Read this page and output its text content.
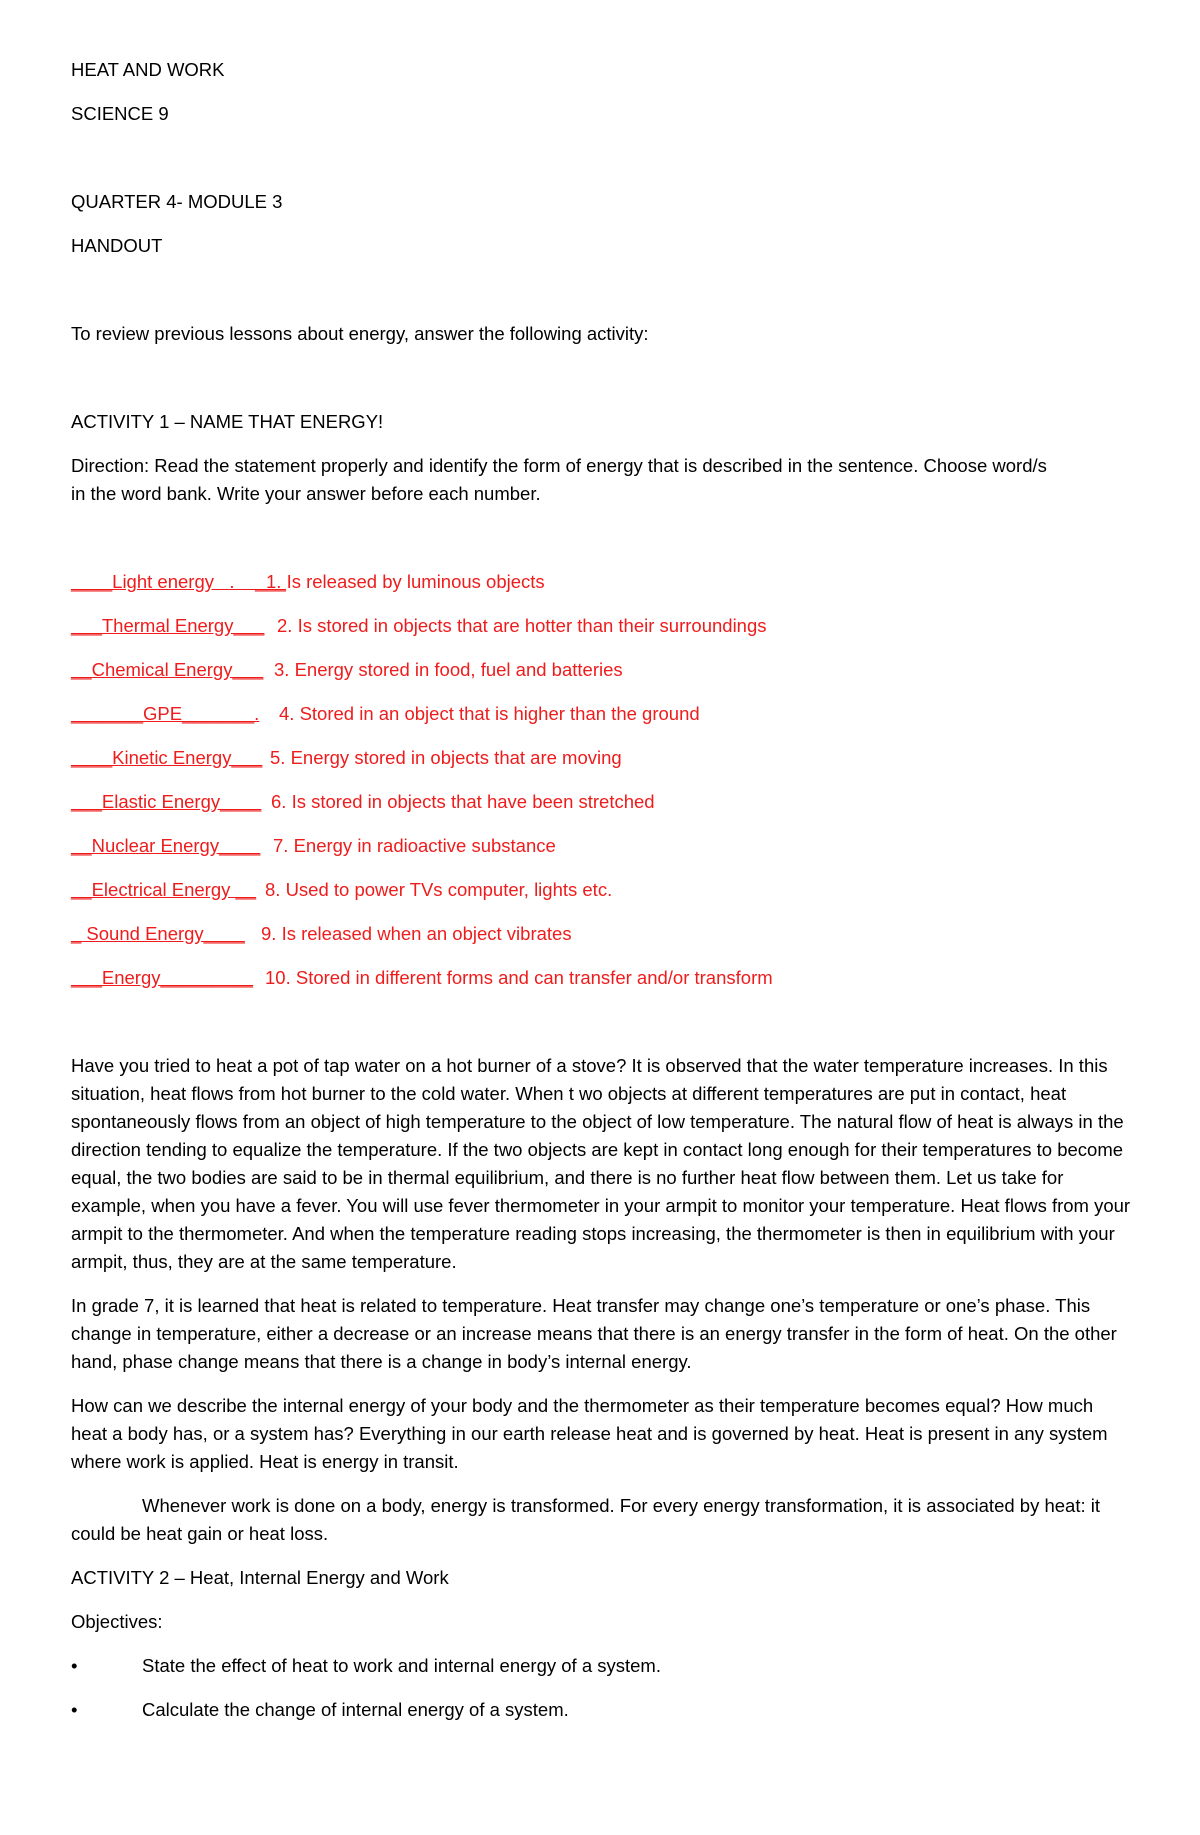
HEAT AND WORK
SCIENCE 9
QUARTER 4- MODULE 3
HANDOUT
To review previous lessons about energy, answer the following activity:
ACTIVITY 1 – NAME THAT ENERGY!
Direction: Read the statement properly and identify the form of energy that is described in the sentence. Choose word/s
in the word bank. Write your answer before each number.
____Light energy   .    ___
1. Is released by luminous objects
___Thermal Energy___ 2. Is stored in objects that are hotter than their surroundings
__Chemical Energy___ 3. Energy stored in food, fuel and batteries
_______GPE_______. 4. Stored in an object that is higher than the ground
____Kinetic Energy___ 5. Energy stored in objects that are moving
___Elastic Energy____ 6. Is stored in objects that have been stretched
__Nuclear Energy____ 7. Energy in radioactive substance
__Electrical Energy __ 8. Used to power TVs computer, lights etc.
_ Sound Energy____ 9. Is released when an object vibrates
___Energy_________ 10. Stored in different forms and can transfer and/or transform
Have you tried to heat a pot of tap water on a hot burner of a stove? It is observed that the water temperature increases. In this situation, heat flows from hot burner to the cold water. When t wo objects at different temperatures are put in contact, heat spontaneously flows from an object of high temperature to the object of low temperature. The natural flow of heat is always in the direction tending to equalize the temperature. If the two objects are kept in contact long enough for their temperatures to become equal, the two bodies are said to be in thermal equilibrium, and there is no further heat flow between them. Let us take for example, when you have a fever. You will use fever thermometer in your armpit to monitor your temperature. Heat flows from your armpit to the thermometer. And when the temperature reading stops increasing, the thermometer is then in equilibrium with your armpit, thus, they are at the same temperature.
In grade 7, it is learned that heat is related to temperature. Heat transfer may change one’s temperature or one’s phase. This change in temperature, either a decrease or an increase means that there is an energy transfer in the form of heat. On the other hand, phase change means that there is a change in body’s internal energy.
How can we describe the internal energy of your body and the thermometer as their temperature becomes equal? How much heat a body has, or a system has? Everything in our earth release heat and is governed by heat. Heat is present in any system where work is applied. Heat is energy in transit.
Whenever work is done on a body, energy is transformed. For every energy transformation, it is associated by heat: it could be heat gain or heat loss.
ACTIVITY 2 – Heat, Internal Energy and Work
Objectives:
•	State the effect of heat to work and internal energy of a system.
•	Calculate the change of internal energy of a system.
